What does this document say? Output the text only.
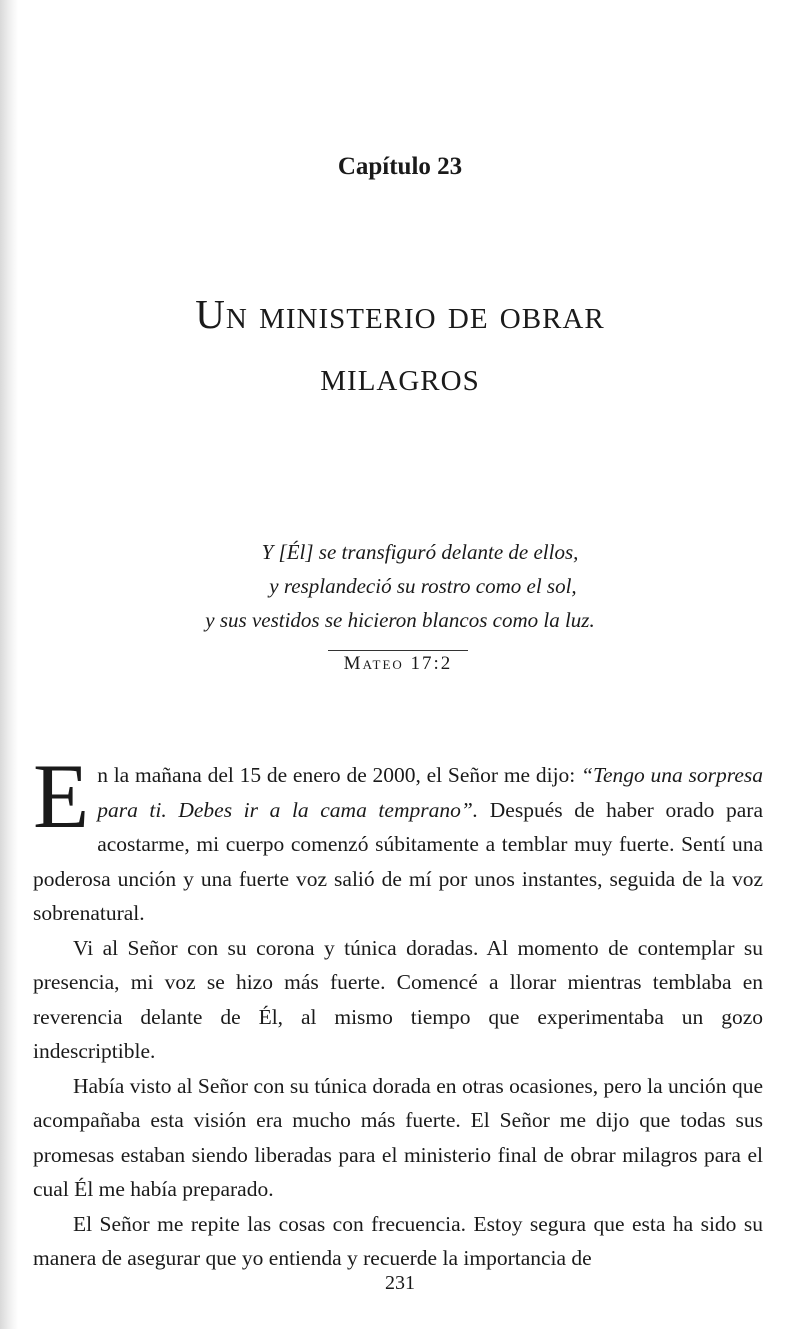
Capítulo 23
Un ministerio de obrar
milagros
Y [Él] se transfiguró delante de ellos,
y resplandeció su rostro como el sol,
y sus vestidos se hicieron blancos como la luz.
Mateo 17:2

En la mañana del 15 de enero de 2000, el Señor me dijo: “Tengo una sorpresa para ti. Debes ir a la cama temprano”. Después de haber orado para acostarme, mi cuerpo comenzó súbitamente a temblar muy fuerte. Sentí una poderosa unción y una fuerte voz salió de mí por unos instantes, seguida de la voz sobrenatural.

Vi al Señor con su corona y túnica doradas. Al momento de contemplar su presencia, mi voz se hizo más fuerte. Comencé a llorar mientras temblaba en reverencia delante de Él, al mismo tiempo que experimentaba un gozo indescriptible.

Había visto al Señor con su túnica dorada en otras ocasiones, pero la unción que acompañaba esta visión era mucho más fuerte. El Señor me dijo que todas sus promesas estaban siendo liberadas para el ministerio final de obrar milagros para el cual Él me había preparado.

El Señor me repite las cosas con frecuencia. Estoy segura que esta ha sido su manera de asegurar que yo entienda y recuerde la importancia de

231
